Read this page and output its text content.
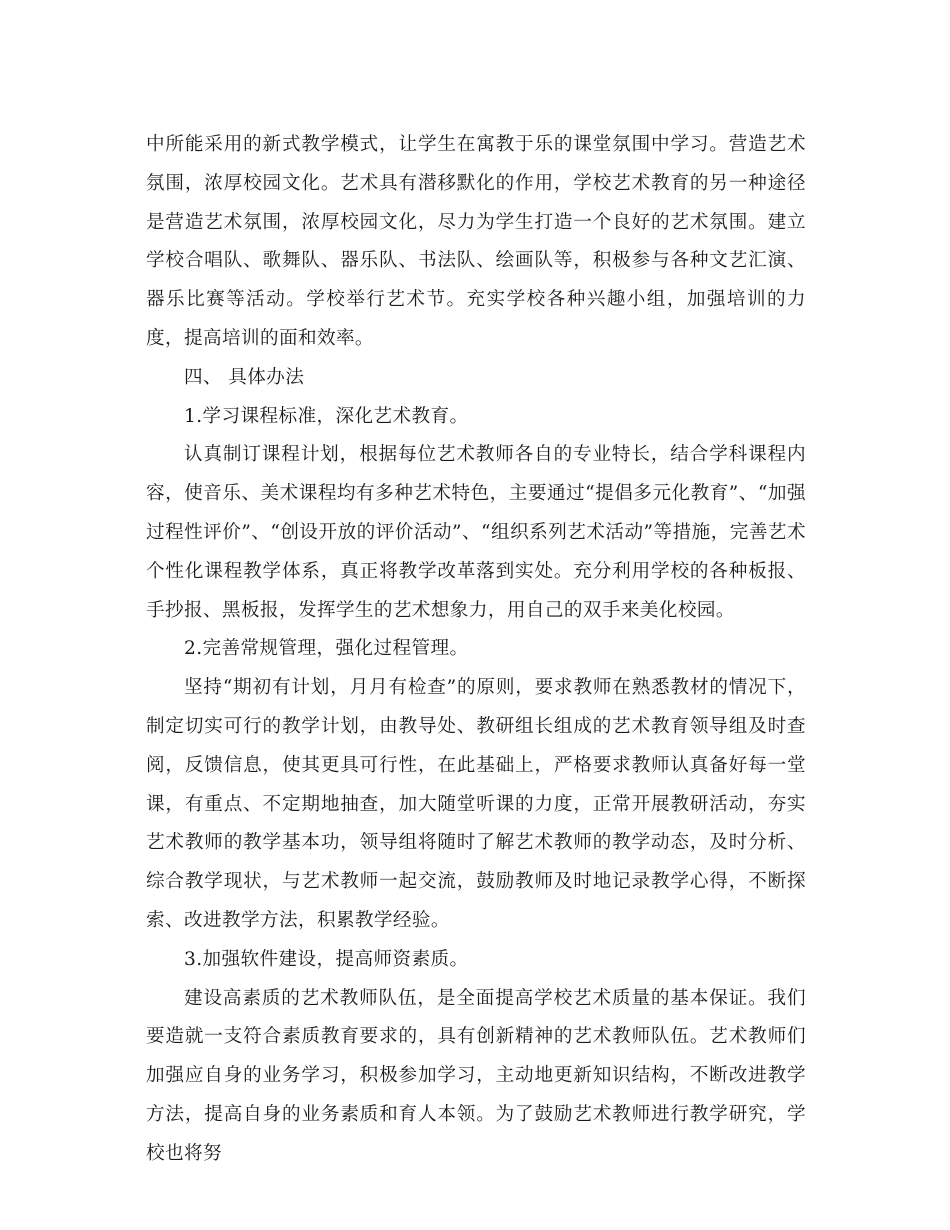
中所能采用的新式教学模式，让学生在寓教于乐的课堂氛围中学习。营造艺术氛围，浓厚校园文化。艺术具有潜移默化的作用，学校艺术教育的另一种途径是营造艺术氛围，浓厚校园文化，尽力为学生打造一个良好的艺术氛围。建立学校合唱队、歌舞队、器乐队、书法队、绘画队等，积极参与各种文艺汇演、器乐比赛等活动。学校举行艺术节。充实学校各种兴趣小组，加强培训的力度，提高培训的面和效率。

四、 具体办法

1.学习课程标准，深化艺术教育。

认真制订课程计划，根据每位艺术教师各自的专业特长，结合学科课程内容，使音乐、美术课程均有多种艺术特色，主要通过“提倡多元化教育”、“加强过程性评价”、“创设开放的评价活动”、“组织系列艺术活动”等措施，完善艺术个性化课程教学体系，真正将教学改革落到实处。充分利用学校的各种板报、手抄报、黑板报，发挥学生的艺术想象力，用自己的双手来美化校园。

2.完善常规管理，强化过程管理。

坚持“期初有计划，月月有检查”的原则，要求教师在熟悉教材的情况下，制定切实可行的教学计划，由教导处、教研组长组成的艺术教育领导组及时查阅，反馈信息，使其更具可行性，在此基础上，严格要求教师认真备好每一堂课，有重点、不定期地抽查，加大随堂听课的力度，正常开展教研活动，夯实艺术教师的教学基本功，领导组将随时了解艺术教师的教学动态，及时分析、综合教学现状，与艺术教师一起交流，鼓励教师及时地记录教学心得，不断探索、改进教学方法，积累教学经验。

3.加强软件建设，提高师资素质。

建设高素质的艺术教师队伍，是全面提高学校艺术质量的基本保证。我们要造就一支符合素质教育要求的，具有创新精神的艺术教师队伍。艺术教师们加强应自身的业务学习，积极参加学习，主动地更新知识结构，不断改进教学方法，提高自身的业务素质和育人本领。为了鼓励艺术教师进行教学研究，学校也将努
